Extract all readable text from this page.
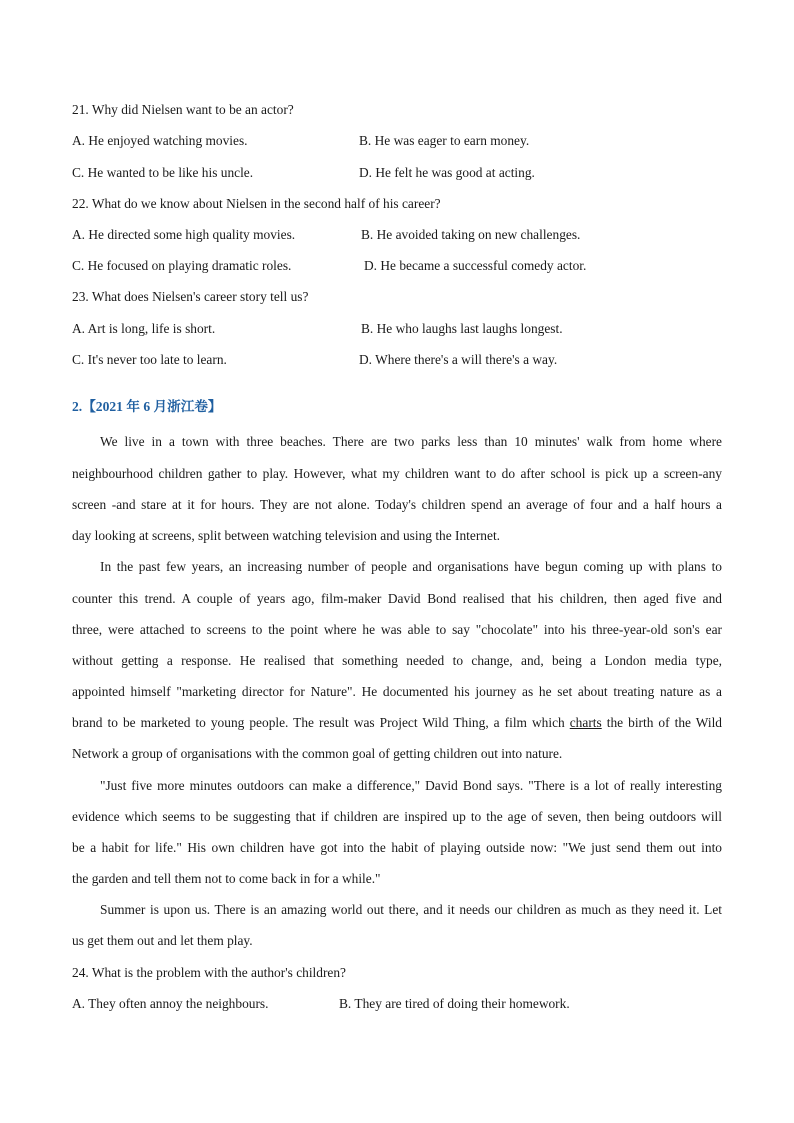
21. Why did Nielsen want to be an actor?
A. He enjoyed watching movies.	B. He was eager to earn money.
C. He wanted to be like his uncle.	D. He felt he was good at acting.
22. What do we know about Nielsen in the second half of his career?
A. He directed some high quality movies.	B. He avoided taking on new challenges.
C. He focused on playing dramatic roles.	D. He became a successful comedy actor.
23. What does Nielsen's career story tell us?
A. Art is long, life is short.	B. He who laughs last laughs longest.
C. It's never too late to learn.	D. Where there's a will there's a way.
2.【2021 年 6 月浙江卷】
We live in a town with three beaches. There are two parks less than 10 minutes' walk from home where
neighbourhood children gather to play. However, what my children want to do after school is pick up a screen-any
screen -and stare at it for hours. They are not alone. Today's children spend an average of four and a half hours a
day looking at screens, split between watching television and using the Internet.
In the past few years, an increasing number of people and organisations have begun coming up with plans to
counter this trend. A couple of years ago, film-maker David Bond realised that his children, then aged five and
three, were attached to screens to the point where he was able to say "chocolate" into his three-year-old son's ear
without getting a response. He realised that something needed to change, and, being a London media type,
appointed himself "marketing director for Nature". He documented his journey as he set about treating nature as a
brand to be marketed to young people. The result was Project Wild Thing, a film which charts the birth of the Wild
Network a group of organisations with the common goal of getting children out into nature.
"Just five more minutes outdoors can make a difference," David Bond says. "There is a lot of really interesting
evidence which seems to be suggesting that if children are inspired up to the age of seven, then being outdoors will
be a habit for life." His own children have got into the habit of playing outside now: "We just send them out into
the garden and tell them not to come back in for a while."
Summer is upon us. There is an amazing world out there, and it needs our children as much as they need it. Let
us get them out and let them play.
24. What is the problem with the author's children?
A. They often annoy the neighbours.	B. They are tired of doing their homework.
